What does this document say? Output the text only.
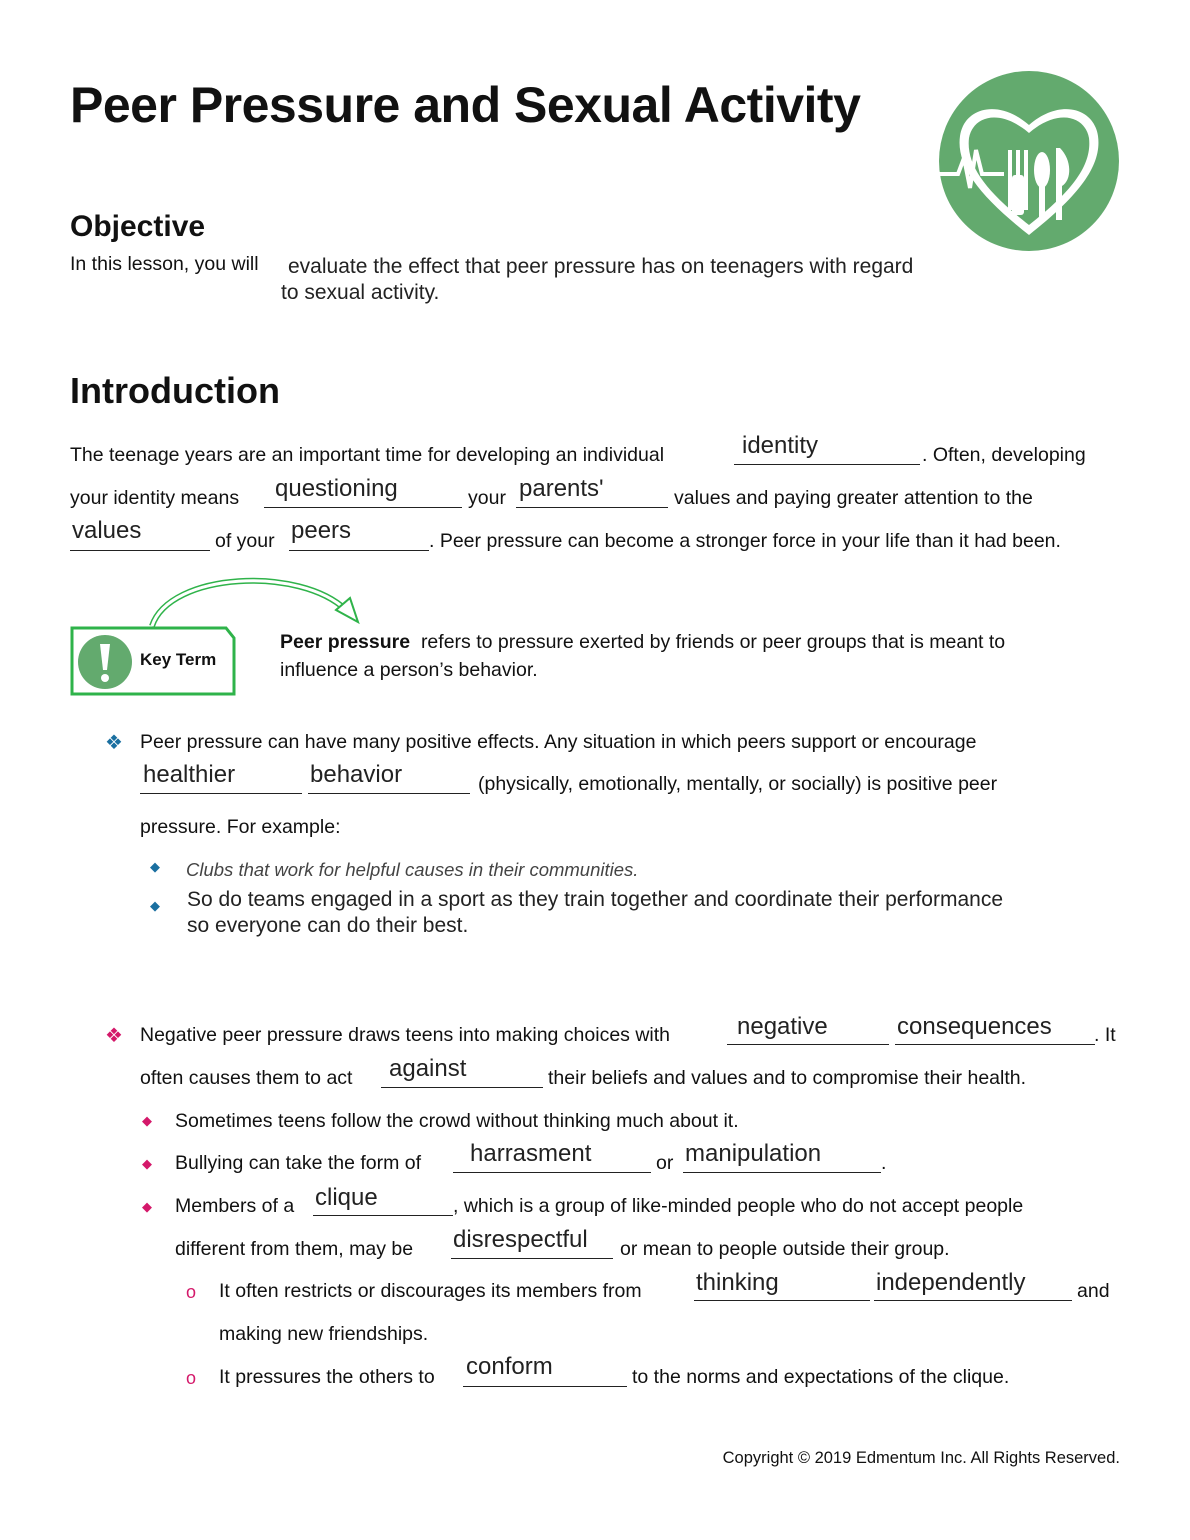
Peer Pressure and Sexual Activity
Objective
In this lesson, you will evaluate the effect that peer pressure has on teenagers with regard
to sexual activity.
Introduction
The teenage years are an important time for developing an individual	identity	. Often, developing
your identity means questioning	your parents'	values and paying greater attention to the
values	of your peers	. Peer pressure can become a stronger force in your life than it had been.
Key Term
Peer pressure refers to pressure exerted by friends or peer groups that is meant to
influence a person’s behavior.
❖ Peer pressure can have many positive effects. Any situation in which peers support or encourage
healthier	behavior	(physically, emotionally, mentally, or socially) is positive peer
pressure. For example:
◆ Clubs that work for helpful causes in their communities.
◆ So do teams engaged in a sport as they train together and coordinate their performance
so everyone can do their best.
❖ Negative peer pressure draws teens into making choices with	negative	consequences . It
often causes them to act against	their beliefs and values and to compromise their health.
◆ Sometimes teens follow the crowd without thinking much about it.
◆ Bullying can take the form of harrasment	or manipulation	.
◆ Members of a clique	, which is a group of like-minded people who do not accept people
different from them, may be disrespectful or mean to people outside their group.
o It often restricts or discourages its members from thinking	independently	and
making new friendships.
o It pressures the others to conform	to the norms and expectations of the clique.
Copyright © 2019 Edmentum Inc. All Rights Reserved.
